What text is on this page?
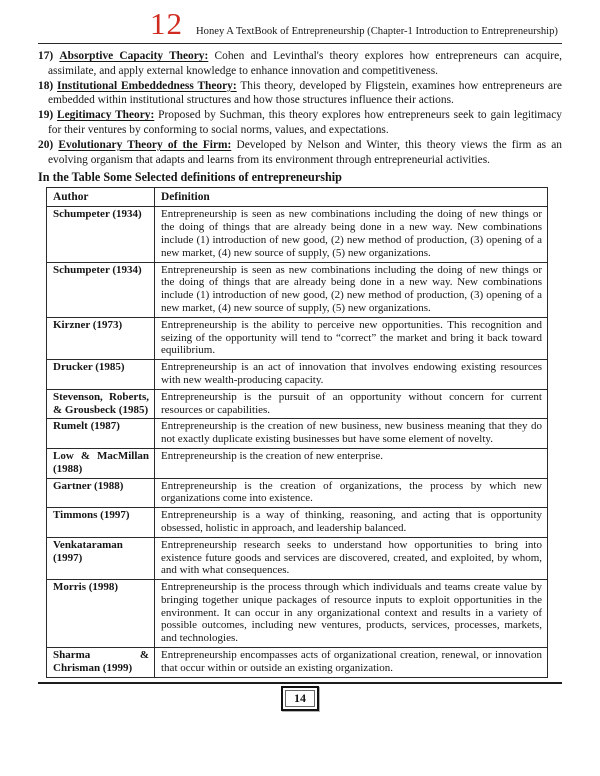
12 Honey A TextBook of Entrepreneurship (Chapter-1 Introduction to Entrepreneurship)
17) Absorptive Capacity Theory: Cohen and Levinthal's theory explores how entrepreneurs can acquire, assimilate, and apply external knowledge to enhance innovation and competitiveness.
18) Institutional Embeddedness Theory: This theory, developed by Fligstein, examines how entrepreneurs are embedded within institutional structures and how those structures influence their actions.
19) Legitimacy Theory: Proposed by Suchman, this theory explores how entrepreneurs seek to gain legitimacy for their ventures by conforming to social norms, values, and expectations.
20) Evolutionary Theory of the Firm: Developed by Nelson and Winter, this theory views the firm as an evolving organism that adapts and learns from its environment through entrepreneurial activities.
In the Table Some Selected definitions of entrepreneurship
Author	Definition
Schumpeter (1934)	Entrepreneurship is seen as new combinations including the doing of new things or the doing of things that are already being done in a new way. New combinations include (1) introduction of new good, (2) new method of production, (3) opening of a new market, (4) new source of supply, (5) new organizations.
Schumpeter (1934)	Entrepreneurship is seen as new combinations including the doing of new things or the doing of things that are already being done in a new way. New combinations include (1) introduction of new good, (2) new method of production, (3) opening of a new market, (4) new source of supply, (5) new organizations.
Kirzner (1973)	Entrepreneurship is the ability to perceive new opportunities. This recognition and seizing of the opportunity will tend to “correct” the market and bring it back toward equilibrium.
Drucker (1985)	Entrepreneurship is an act of innovation that involves endowing existing resources with new wealth-producing capacity.
Stevenson, Roberts, & Grousbeck (1985)	Entrepreneurship is the pursuit of an opportunity without concern for current resources or capabilities.
Rumelt (1987)	Entrepreneurship is the creation of new business, new business meaning that they do not exactly duplicate existing businesses but have some element of novelty.
Low & MacMillan (1988)	Entrepreneurship is the creation of new enterprise.
Gartner (1988)	Entrepreneurship is the creation of organizations, the process by which new organizations come into existence.
Timmons (1997)	Entrepreneurship is a way of thinking, reasoning, and acting that is opportunity obsessed, holistic in approach, and leadership balanced.
Venkataraman (1997)	Entrepreneurship research seeks to understand how opportunities to bring into existence future goods and services are discovered, created, and exploited, by whom, and with what consequences.
Morris (1998)	Entrepreneurship is the process through which individuals and teams create value by bringing together unique packages of resource inputs to exploit opportunities in the environment. It can occur in any organizational context and results in a variety of possible outcomes, including new ventures, products, services, processes, markets, and technologies.
Sharma & Chrisman (1999)	Entrepreneurship encompasses acts of organizational creation, renewal, or innovation that occur within or outside an existing organization.
14
